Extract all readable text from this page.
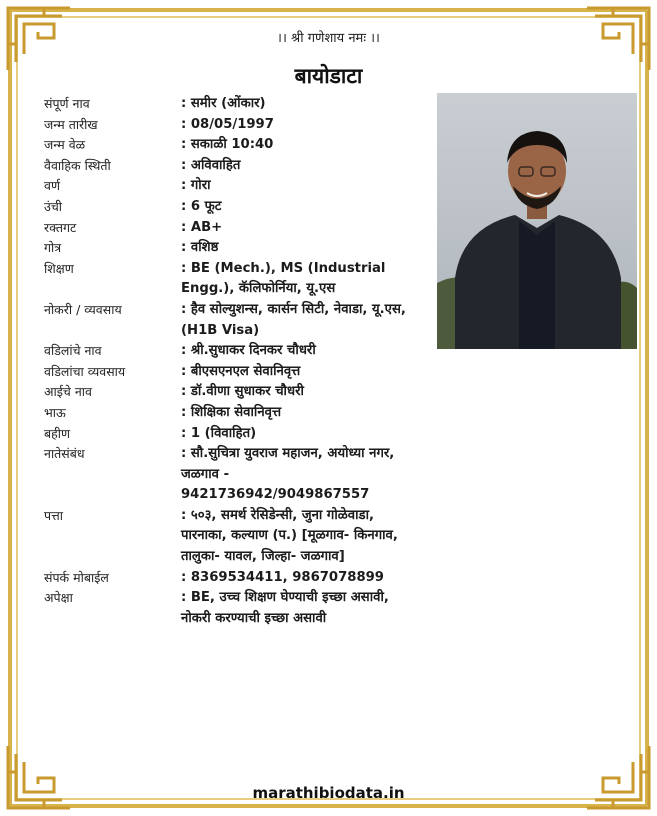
।। श्री गणेशाय नमः ।।
बायोडाटा
संपूर्ण नाव	: समीर (ओंकार)
जन्म तारीख	: 08/05/1997
जन्म वेळ	: सकाळी 10:40
वैवाहिक स्थिती	: अविवाहित
वर्ण	: गोरा
उंची	: 6 फूट
रक्तगट	: AB+
गोत्र	: वशिष्ठ
शिक्षण	: BE (Mech.), MS (Industrial Engg.), कॅलिफोर्निया, यू.एस
नोकरी / व्यवसाय	: हैव सोल्युशन्स, कार्सन सिटी, नेवाडा, यू.एस, (H1B Visa)
वडिलांचे नाव	: श्री.सुधाकर दिनकर चौधरी
वडिलांचा व्यवसाय	: बीएसएनएल सेवानिवृत्त
आईचे नाव	: डॉ.वीणा सुधाकर चौधरी
भाऊ	: शिक्षिका सेवानिवृत्त
बहीण	: 1 (विवाहित)
नातेसंबंध	: सौ.सुचित्रा युवराज महाजन, अयोध्या नगर, जळगाव - 9421736942/9049867557
पत्ता	: ५०३, समर्थ रेसिडेन्सी, जुना गोळेवाडा, पारनाका, कल्याण (प.) [मूळगाव- किनगाव, तालुका- यावल, जिल्हा- जळगाव]
संपर्क मोबाईल	: 8369534411, 9867078899
अपेक्षा	: BE, उच्च शिक्षण घेण्याची इच्छा असावी, नोकरी करण्याची इच्छा असावी
marathibiodata.in
